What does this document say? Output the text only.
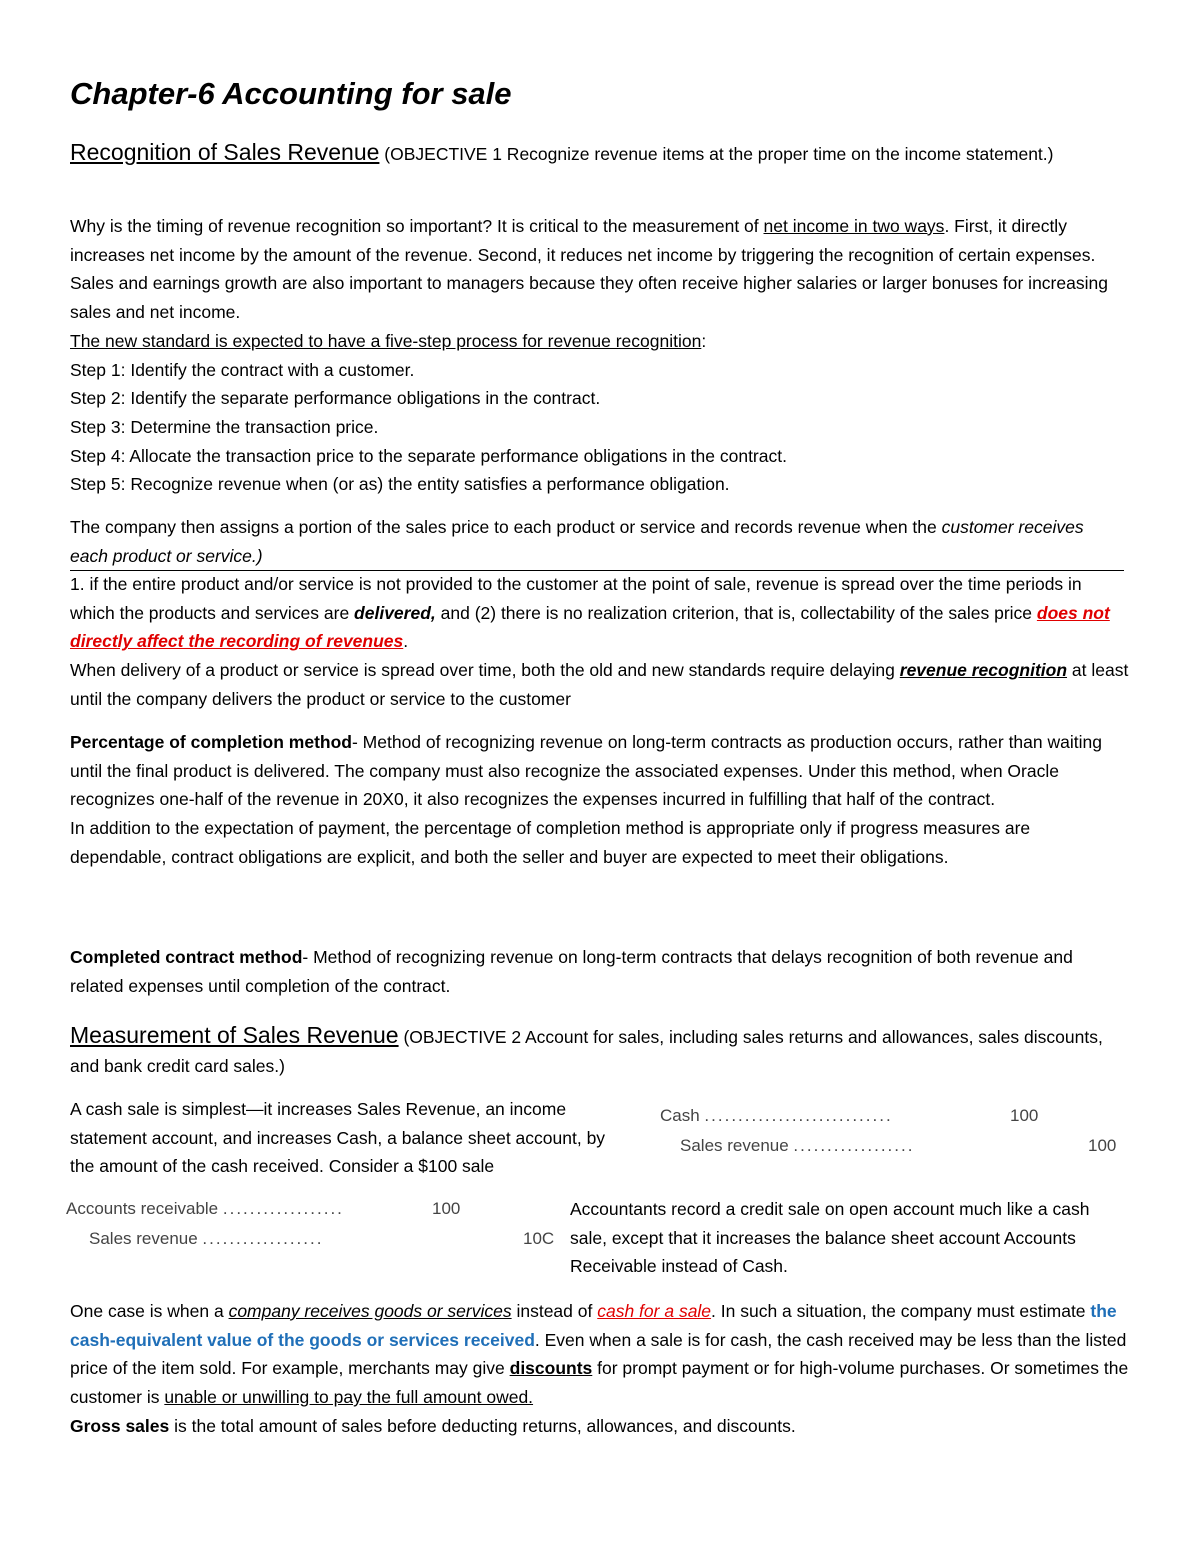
Chapter-6 Accounting for sale

Recognition of Sales Revenue (OBJECTIVE 1 Recognize revenue items at the proper time on the income statement.)

Why is the timing of revenue recognition so important? It is critical to the measurement of net income in two ways. First, it directly increases net income by the amount of the revenue. Second, it reduces net income by triggering the recognition of certain expenses. Sales and earnings growth are also important to managers because they often receive higher salaries or larger bonuses for increasing sales and net income.

The new standard is expected to have a five-step process for revenue recognition:

Step 1: Identify the contract with a customer.

Step 2: Identify the separate performance obligations in the contract.

Step 3: Determine the transaction price.

Step 4: Allocate the transaction price to the separate performance obligations in the contract.

Step 5: Recognize revenue when (or as) the entity satisfies a performance obligation.

The company then assigns a portion of the sales price to each product or service and records revenue when the customer receives each product or service.)

1. if the entire product and/or service is not provided to the customer at the point of sale, revenue is spread over the time periods in which the products and services are delivered, and (2) there is no realization criterion, that is, collectability of the sales price does not directly affect the recording of revenues.

When delivery of a product or service is spread over time, both the old and new standards require delaying revenue recognition at least until the company delivers the product or service to the customer

Percentage of completion method- Method of recognizing revenue on long-term contracts as production occurs, rather than waiting until the final product is delivered. The company must also recognize the associated expenses. Under this method, when Oracle recognizes one-half of the revenue in 20X0, it also recognizes the expenses incurred in fulfilling that half of the contract.

In addition to the expectation of payment, the percentage of completion method is appropriate only if progress measures are dependable, contract obligations are explicit, and both the seller and buyer are expected to meet their obligations.

Completed contract method- Method of recognizing revenue on long-term contracts that delays recognition of both revenue and related expenses until completion of the contract.

Measurement of Sales Revenue (OBJECTIVE 2 Account for sales, including sales returns and allowances, sales discounts, and bank credit card sales.)

A cash sale is simplest—it increases Sales Revenue, an income statement account, and increases Cash, a balance sheet account, by the amount of the cash received. Consider a $100 sale

Cash ............................	100
Sales revenue ..................	100
Accounts receivable ..................	100
Sales revenue ..................	10C

Accountants record a credit sale on open account much like a cash sale, except that it increases the balance sheet account Accounts Receivable instead of Cash.

One case is when a company receives goods or services instead of cash for a sale. In such a situation, the company must estimate the cash-equivalent value of the goods or services received. Even when a sale is for cash, the cash received may be less than the listed price of the item sold. For example, merchants may give discounts for prompt payment or for high-volume purchases. Or sometimes the customer is unable or unwilling to pay the full amount owed.

Gross sales is the total amount of sales before deducting returns, allowances, and discounts.
